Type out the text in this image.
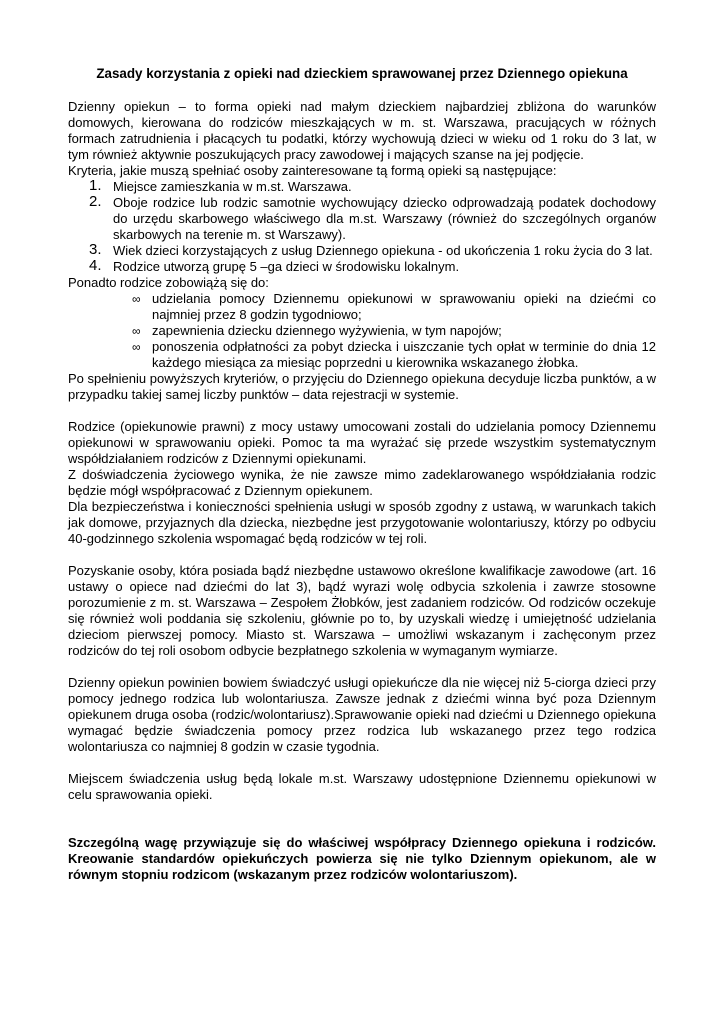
Zasady korzystania z opieki nad dzieckiem sprawowanej przez Dziennego opiekuna

Dzienny opiekun – to forma opieki nad małym dzieckiem najbardziej zbliżona do warunków domowych, kierowana do rodziców mieszkających w m. st. Warszawa, pracujących w różnych formach zatrudnienia i płacących tu podatki, którzy wychowują dzieci w wieku od 1 roku do 3 lat, w tym również aktywnie poszukujących pracy zawodowej i mających szanse na jej podjęcie.

Kryteria, jakie muszą spełniać osoby zainteresowane tą formą opieki są następujące:

1. Miejsce zamieszkania w m.st. Warszawa.
2. Oboje rodzice lub rodzic samotnie wychowujący dziecko odprowadzają podatek dochodowy do urzędu skarbowego właściwego dla m.st. Warszawy (również do szczególnych organów skarbowych na terenie m. st Warszawy).
3. Wiek dzieci korzystających z usług Dziennego opiekuna - od ukończenia 1 roku życia do 3 lat.
4. Rodzice utworzą grupę 5 –ga dzieci w środowisku lokalnym.

Ponadto rodzice zobowiążą się do:

∞ udzielania pomocy Dziennemu opiekunowi w sprawowaniu opieki na dziećmi co najmniej przez 8 godzin tygodniowo;
∞ zapewnienia dziecku dziennego wyżywienia, w tym napojów;
∞ ponoszenia odpłatności za pobyt dziecka i uiszczanie tych opłat w terminie do dnia 12 każdego miesiąca za miesiąc poprzedni u kierownika wskazanego żłobka.

Po spełnieniu powyższych kryteriów, o przyjęciu do Dziennego opiekuna decyduje liczba punktów, a w przypadku takiej samej liczby punktów – data rejestracji w systemie.

Rodzice (opiekunowie prawni) z mocy ustawy umocowani zostali do udzielania pomocy Dziennemu opiekunowi w sprawowaniu opieki. Pomoc ta ma wyrażać się przede wszystkim systematycznym współdziałaniem rodziców z Dziennymi opiekunami.

Z doświadczenia życiowego wynika, że nie zawsze mimo zadeklarowanego współdziałania rodzic będzie mógł współpracować z Dziennym opiekunem.

Dla bezpieczeństwa i konieczności spełnienia usługi w sposób zgodny z ustawą, w warunkach takich jak domowe, przyjaznych dla dziecka, niezbędne jest przygotowanie wolontariuszy, którzy po odbyciu 40-godzinnego szkolenia wspomagać będą rodziców w tej roli.

Pozyskanie osoby, która posiada bądź niezbędne ustawowo określone kwalifikacje zawodowe (art. 16 ustawy o opiece nad dziećmi do lat 3), bądź wyrazi wolę odbycia szkolenia i zawrze stosowne porozumienie z m. st. Warszawa – Zespołem Żłobków, jest zadaniem rodziców. Od rodziców oczekuje się również woli poddania się szkoleniu, głównie po to, by uzyskali wiedzę i umiejętność udzielania dzieciom pierwszej pomocy. Miasto st. Warszawa – umożliwi wskazanym i zachęconym przez rodziców do tej roli osobom odbycie bezpłatnego szkolenia w wymaganym wymiarze.

Dzienny opiekun powinien bowiem świadczyć usługi opiekuńcze dla nie więcej niż 5-ciorga dzieci przy pomocy jednego rodzica lub wolontariusza. Zawsze jednak z dziećmi winna być poza Dziennym opiekunem druga osoba (rodzic/wolontariusz).Sprawowanie opieki nad dziećmi u Dziennego opiekuna wymagać będzie świadczenia pomocy przez rodzica lub wskazanego przez tego rodzica wolontariusza co najmniej 8 godzin w czasie tygodnia.

Miejscem świadczenia usług będą lokale m.st. Warszawy udostępnione Dziennemu opiekunowi w celu sprawowania opieki.

Szczególną wagę przywiązuje się do właściwej współpracy Dziennego opiekuna i rodziców. Kreowanie standardów opiekuńczych powierza się nie tylko Dziennym opiekunom, ale w równym stopniu rodzicom (wskazanym przez rodziców wolontariuszom).
